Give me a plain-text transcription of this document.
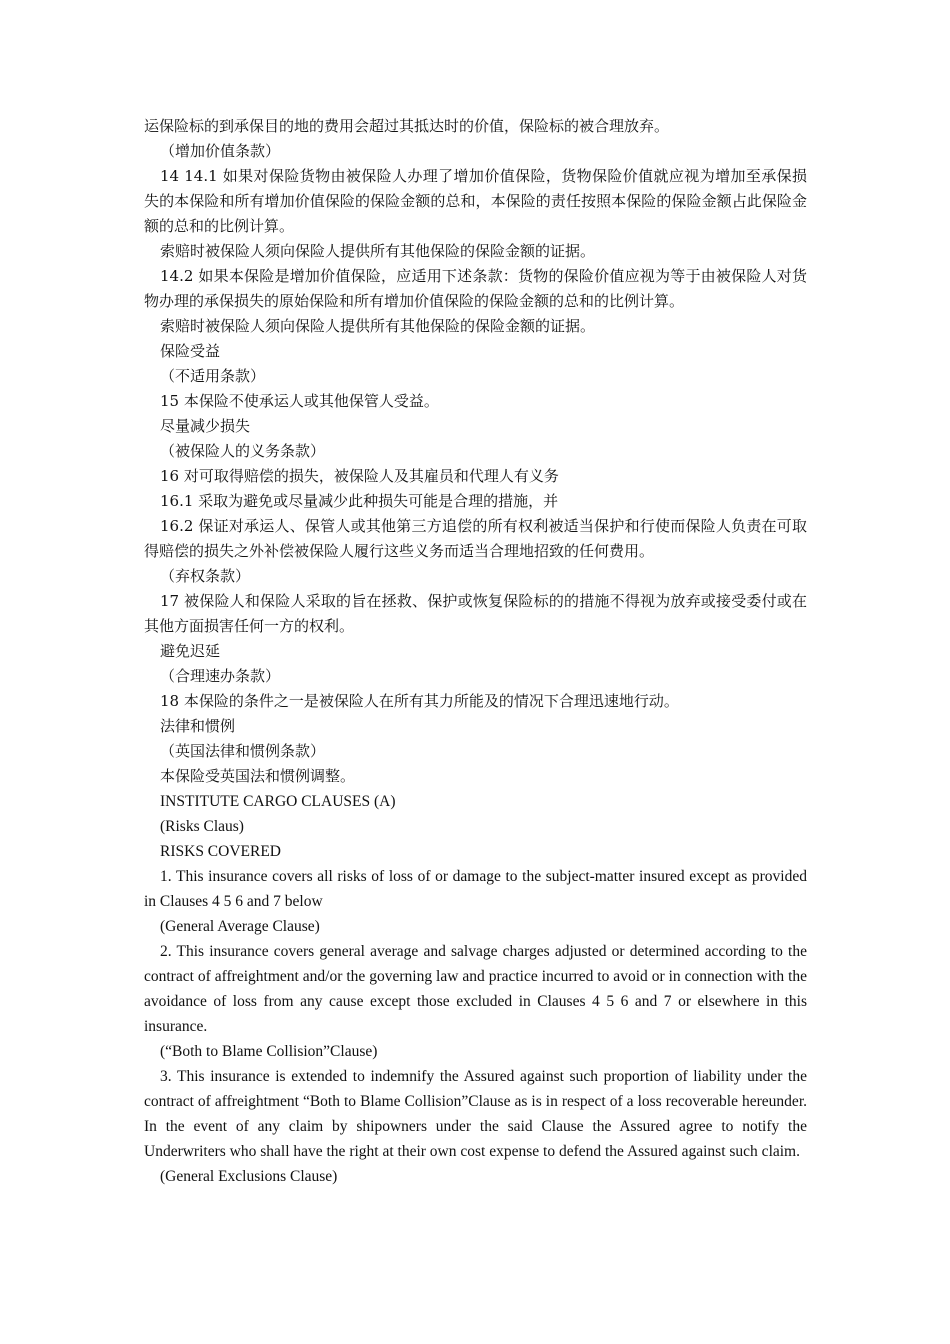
运保险标的到承保目的地的费用会超过其抵达时的价值，保险标的被合理放弃。

（增加价值条款）

14 14.1 如果对保险货物由被保险人办理了增加价值保险，货物保险价值就应视为增加至承保损失的本保险和所有增加价值保险的保险金额的总和，本保险的责任按照本保险的保险金额占此保险金额的总和的比例计算。

索赔时被保险人须向保险人提供所有其他保险的保险金额的证据。

14.2 如果本保险是增加价值保险，应适用下述条款：货物的保险价值应视为等于由被保险人对货物办理的承保损失的原始保险和所有增加价值保险的保险金额的总和的比例计算。

索赔时被保险人须向保险人提供所有其他保险的保险金额的证据。

保险受益

（不适用条款）

15 本保险不使承运人或其他保管人受益。

尽量减少损失

（被保险人的义务条款）

16 对可取得赔偿的损失，被保险人及其雇员和代理人有义务

16.1 采取为避免或尽量减少此种损失可能是合理的措施，并

16.2 保证对承运人、保管人或其他第三方追偿的所有权利被适当保护和行使而保险人负责在可取得赔偿的损失之外补偿被保险人履行这些义务而适当合理地招致的任何费用。

（弃权条款）

17 被保险人和保险人采取的旨在拯救、保护或恢复保险标的的措施不得视为放弃或接受委付或在其他方面损害任何一方的权利。

避免迟延

（合理速办条款）

18 本保险的条件之一是被保险人在所有其力所能及的情况下合理迅速地行动。

法律和惯例

（英国法律和惯例条款）

本保险受英国法和惯例调整。

INSTITUTE CARGO CLAUSES (A)

(Risks Claus)

RISKS COVERED

1. This insurance covers all risks of loss of or damage to the subject-matter insured except as provided in Clauses 4 5 6 and 7 below

(General Average Clause)

2. This insurance covers general average and salvage charges adjusted or determined according to the contract of affreightment and/or the governing law and practice incurred to avoid or in connection with the avoidance of loss from any cause except those excluded in Clauses 4 5 6 and 7 or elsewhere in this insurance.

(“Both to Blame Collision”Clause)

3. This insurance is extended to indemnify the Assured against such proportion of liability under the contract of affreightment “Both to Blame Collision”Clause as is in respect of a loss recoverable hereunder. In the event of any claim by shipowners under the said Clause the Assured agree to notify the Underwriters who shall have the right at their own cost expense to defend the Assured against such claim.

(General Exclusions Clause)
